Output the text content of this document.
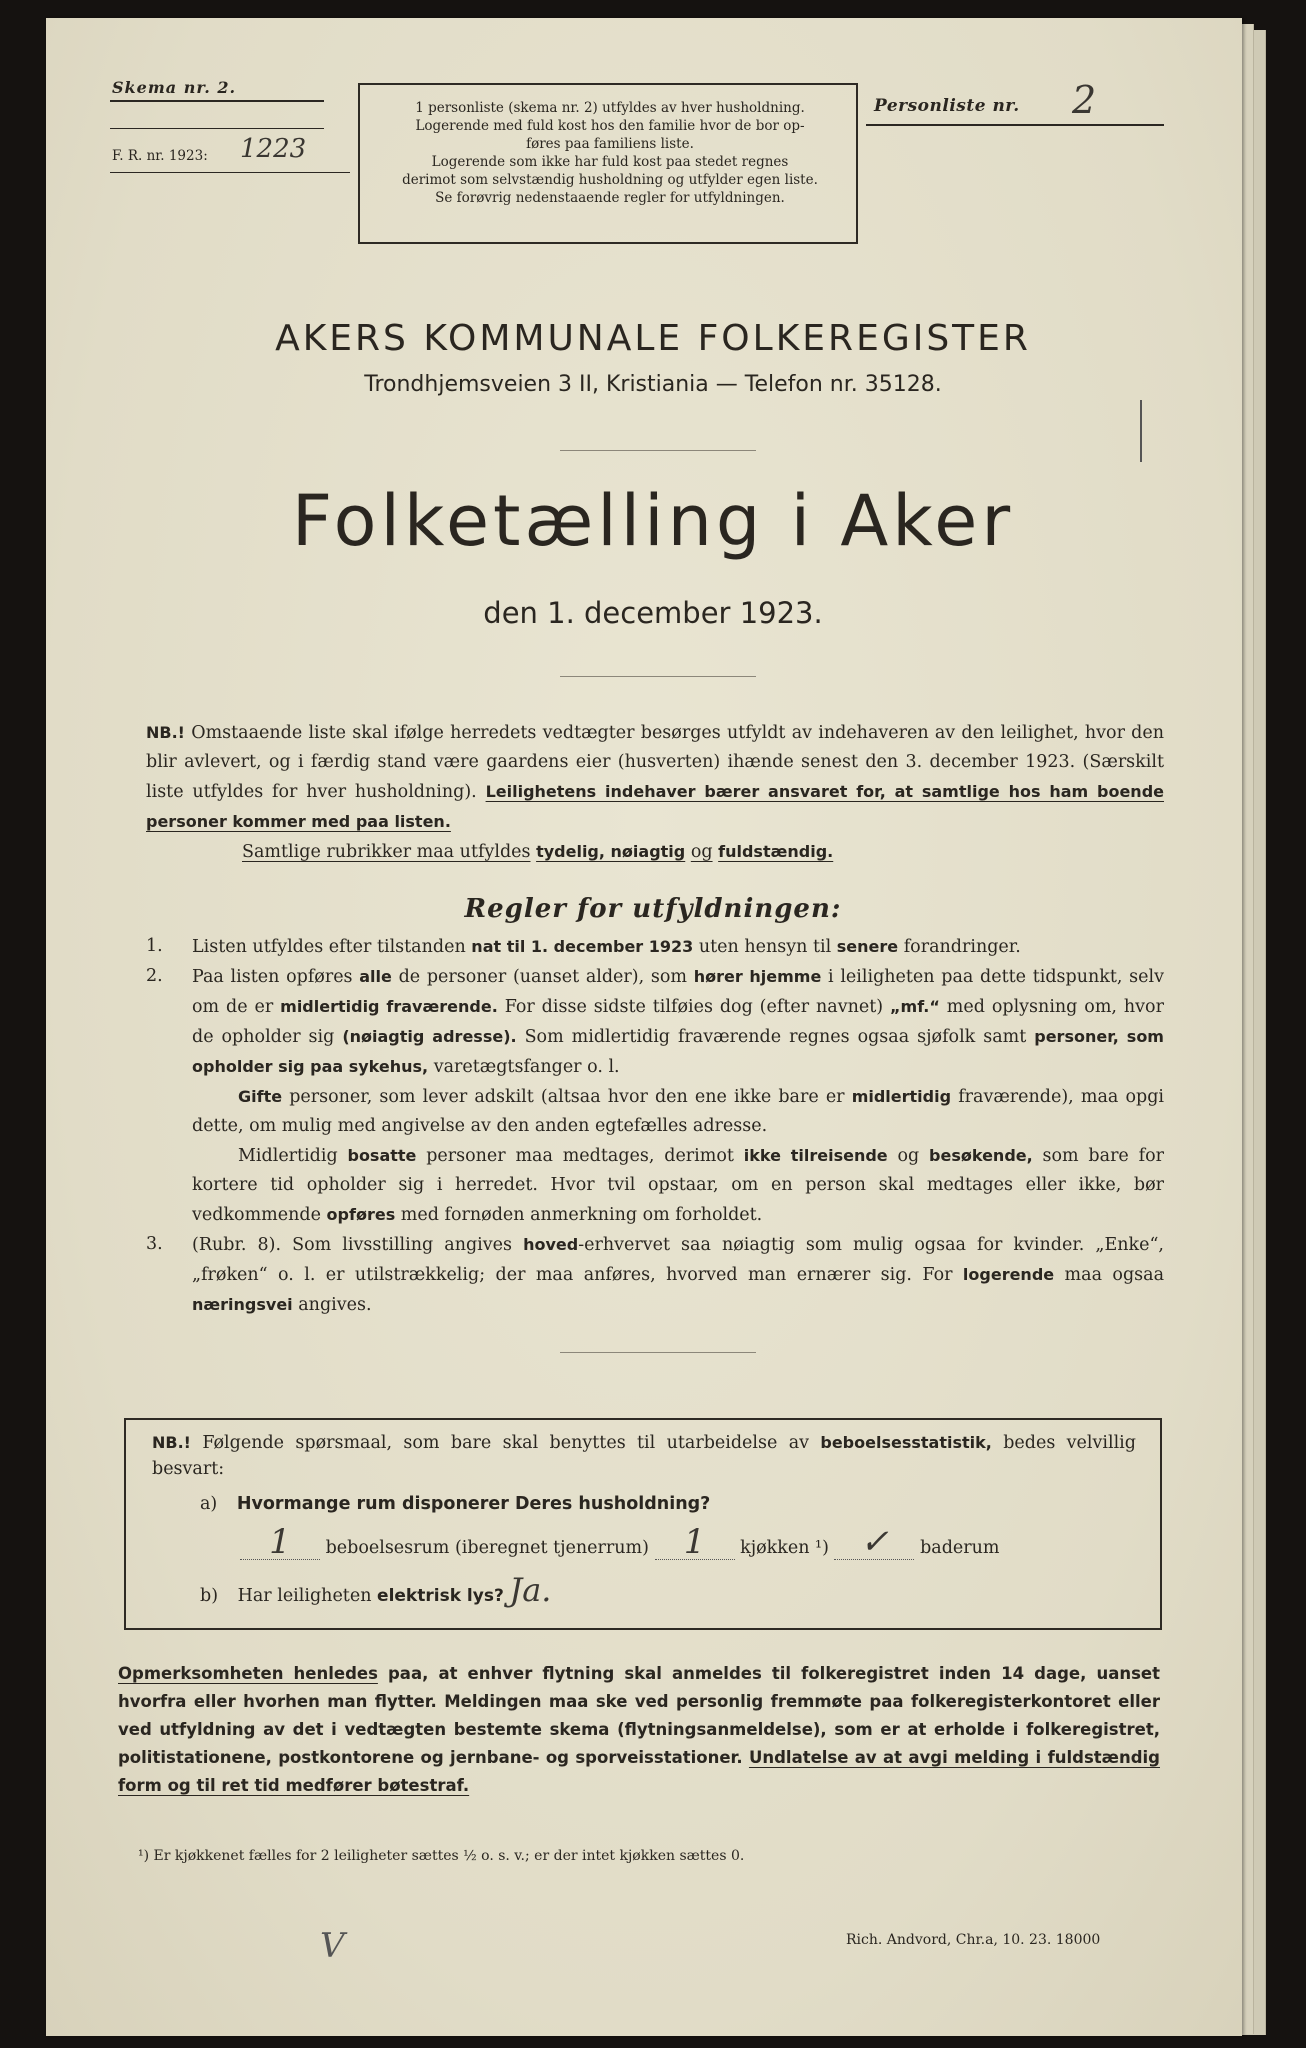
Skema nr. 2.
F. R. nr. 1923: 1223
1 personliste (skema nr. 2) utfyldes av hver husholdning.
Logerende med fuld kost hos den familie hvor de bor op-
føres paa familiens liste.
Logerende som ikke har fuld kost paa stedet regnes
derimot som selvstændig husholdning og utfylder egen liste.
Se forøvrig nedenstaaende regler for utfyldningen.
Personliste nr. 2
AKERS KOMMUNALE FOLKEREGISTER
Trondhjemsveien 3 II, Kristiania — Telefon nr. 35128.
Folketælling i Aker
den 1. december 1923.
NB.! Omstaaende liste skal ifølge herredets vedtægter besørges utfyldt av indehaveren av den leilighet, hvor den blir avlevert, og i færdig stand være gaardens eier (husverten) ihænde senest den 3. december 1923. (Særskilt liste utfyldes for hver husholdning). Leilighetens indehaver bærer ansvaret for, at samtlige hos ham boende personer kommer med paa listen.
Samtlige rubrikker maa utfyldes tydelig, nøiagtig og fuldstændig.
Regler for utfyldningen:
1. Listen utfyldes efter tilstanden nat til 1. december 1923 uten hensyn til senere forandringer.
2. Paa listen opføres alle de personer (uanset alder), som hører hjemme i leiligheten paa dette tidspunkt, selv om de er midlertidig fraværende. For disse sidste tilføies dog (efter navnet) „mf.“ med oplysning om, hvor de opholder sig (nøiagtig adresse). Som midlertidig fraværende regnes ogsaa sjøfolk samt personer, som opholder sig paa sykehus, varetægtsfanger o. l.
Gifte personer, som lever adskilt (altsaa hvor den ene ikke bare er midlertidig fraværende), maa opgi dette, om mulig med angivelse av den anden egtefælles adresse.
Midlertidig bosatte personer maa medtages, derimot ikke tilreisende og besøkende, som bare for kortere tid opholder sig i herredet. Hvor tvil opstaar, om en person skal medtages eller ikke, bør vedkommende opføres med fornøden anmerkning om forholdet.
3. (Rubr. 8). Som livsstilling angives hoved-erhvervet saa nøiagtig som mulig ogsaa for kvinder. „Enke“, „frøken“ o. l. er utilstrækkelig; der maa anføres, hvorved man ernærer sig. For logerende maa ogsaa næringsvei angives.
NB.! Følgende spørsmaal, som bare skal benyttes til utarbeidelse av beboelsesstatistik, bedes velvillig besvart:
a) Hvormange rum disponerer Deres husholdning?
1 beboelsesrum (iberegnet tjenerrum) 1 kjøkken ¹) ✓ baderum
b) Har leiligheten elektrisk lys? Ja.
Opmerksomheten henledes paa, at enhver flytning skal anmeldes til folkeregistret inden 14 dage, uanset hvorfra eller hvorhen man flytter. Meldingen maa ske ved personlig fremmøte paa folkeregisterkontoret eller ved utfyldning av det i vedtægten bestemte skema (flytningsanmeldelse), som er at erholde i folkeregistret, politistationene, postkontorene og jernbane- og sporveisstationer. Undlatelse av at avgi melding i fuldstændig form og til ret tid medfører bøtestraf.
¹) Er kjøkkenet fælles for 2 leiligheter sættes ½ o. s. v.; er der intet kjøkken sættes 0.
V	Rich. Andvord, Chr.a, 10. 23. 18000
